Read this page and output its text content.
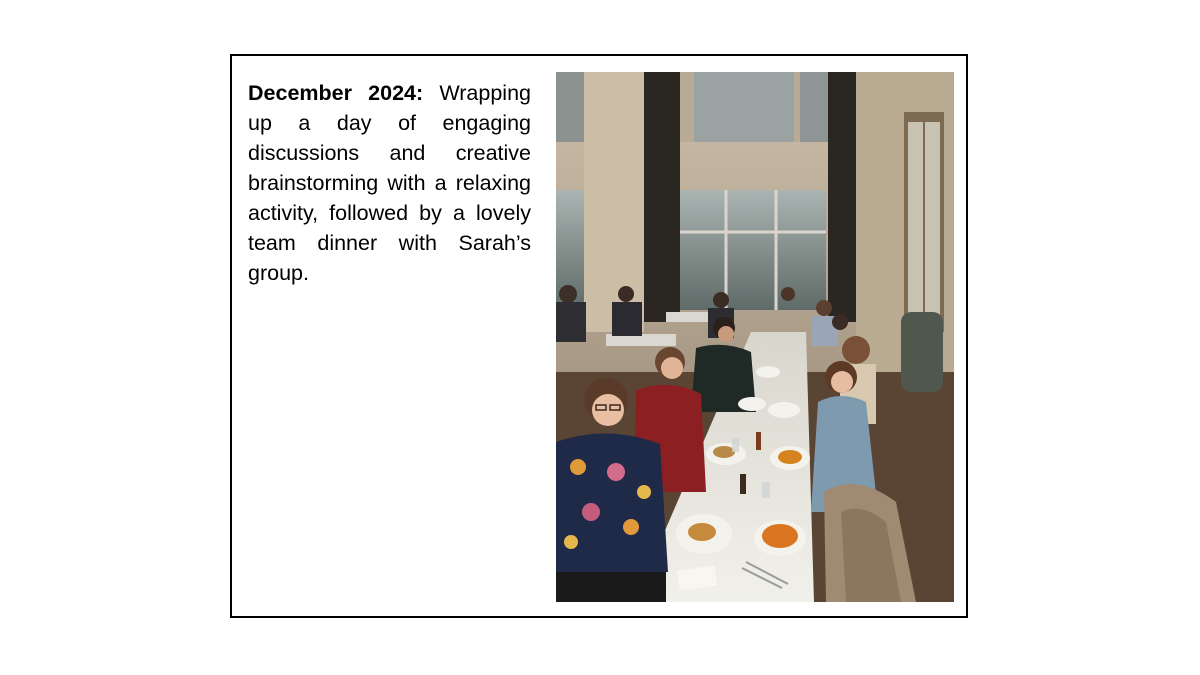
December 2024: Wrapping up a day of engaging discussions and creative brainstorming with a relaxing activity, followed by a lovely team dinner with Sarah’s group.
